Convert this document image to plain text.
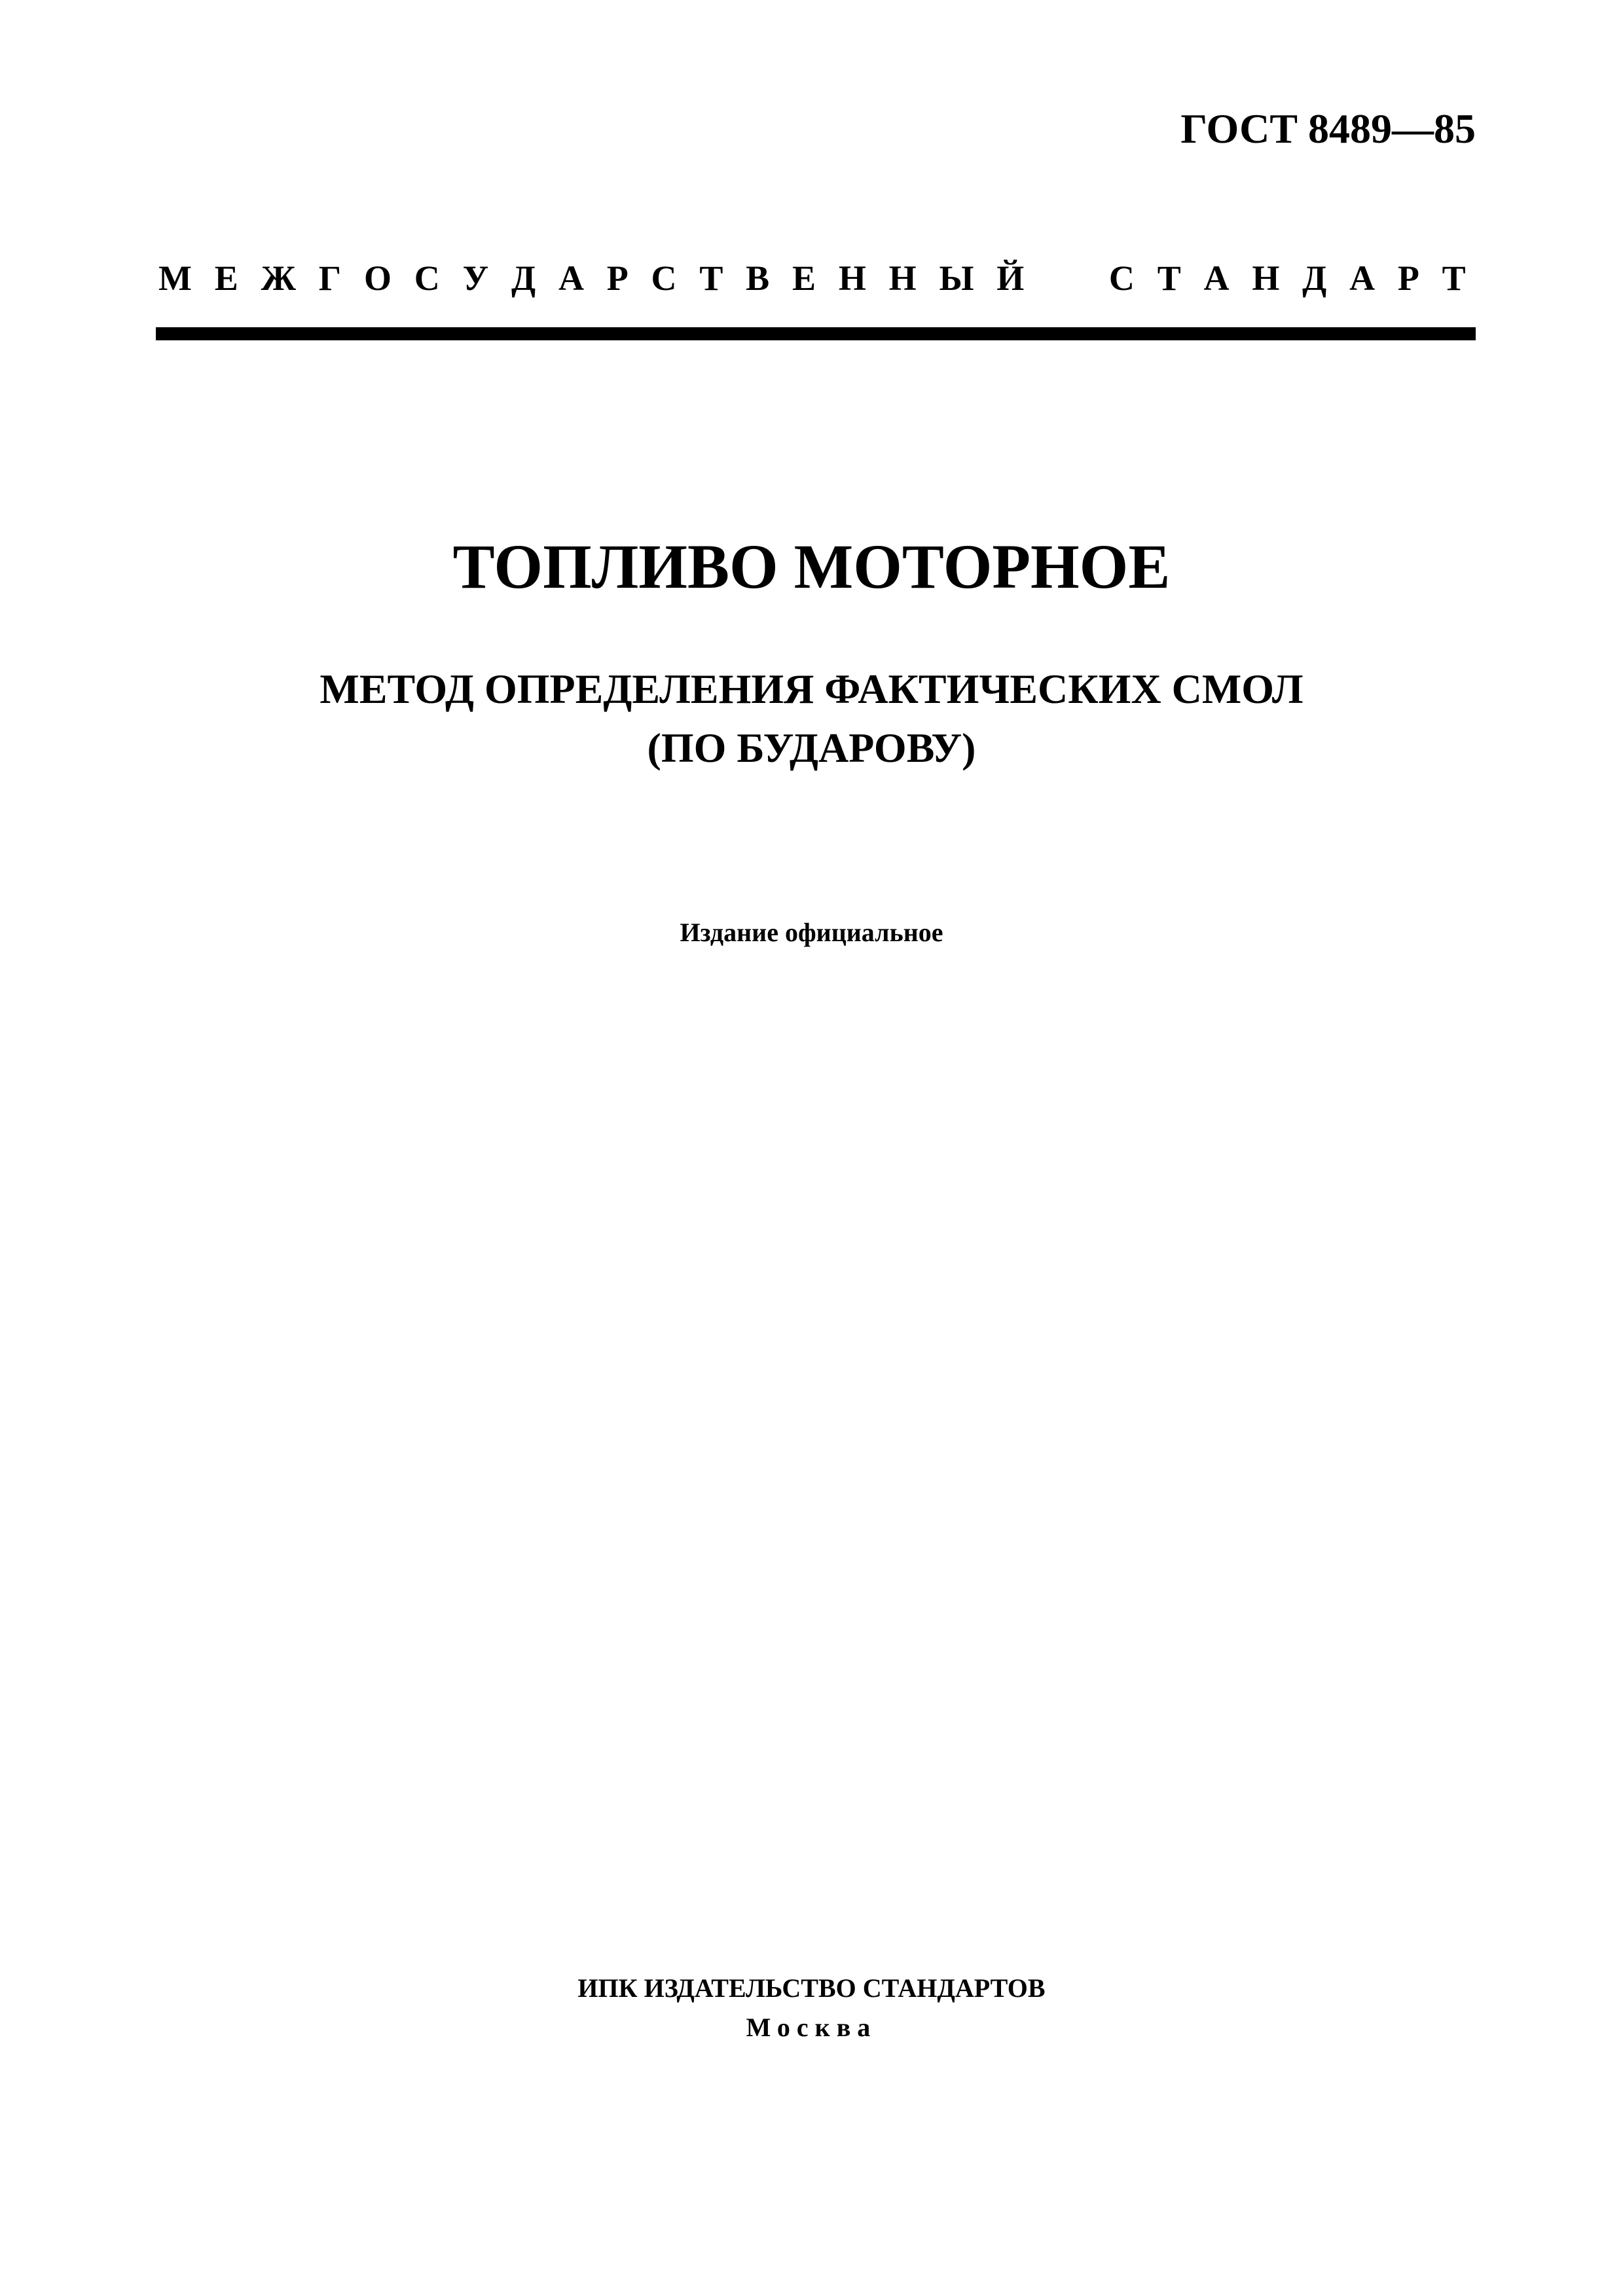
ГОСТ 8489—85
М Е Ж Г О С У Д А Р С Т В Е Н Н Ы Й С Т А Н Д А Р Т
ТОПЛИВО МОТОРНОЕ
МЕТОД ОПРЕДЕЛЕНИЯ ФАКТИЧЕСКИХ СМОЛ
(ПО БУДАРОВУ)
Издание официальное
ИПК ИЗДАТЕЛЬСТВО СТАНДАРТОВ
Москва
